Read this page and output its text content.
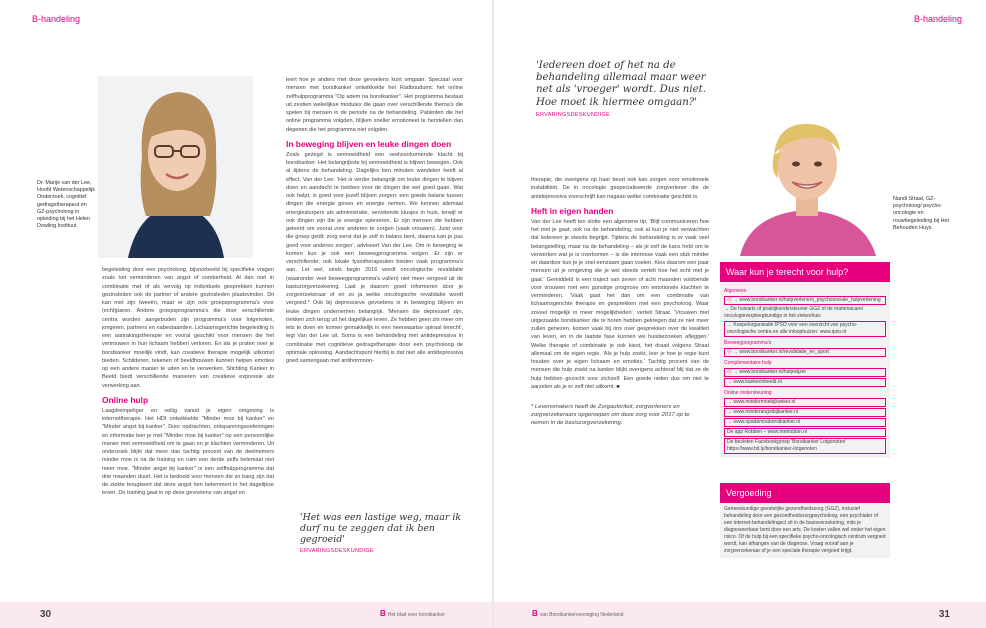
B-handeling
Dr. Marije van der Lee, Hoofd Wetenschappelijk Onderzoek, cognitief gedragstherapeut en GZ-psycholoog in opleiding bij het Helen Dowling Instituut

begeleiding door een psycholoog, bijvoorbeeld bij specifieke vragen zoals het verminderen van angst of somberheid. Al dan niet in combinatie met of als vervolg op individuele gesprekken kunnen gezinsleden ook de partner of andere gezinsleden plaatsvinden. Dit kan met zijn tweeën, maar er zijn ook groepsprogramma's voor (echt)paren. Andere groepsprogramma's die door verschillende centra worden aangeboden zijn programma's voor lotgenoten, jongeren, partners en nabestaanden. Lichaamsgerichte begeleiding is een aanrakingstherapie en vooral geschikt voor mensen die het vertrouwen in hun lichaam hebben verloren. En als je praten over je borstkanker moeilijk vindt, kan creatieve therapie mogelijk uitkomst bieden. Schilderen, tekenen of beeldhouwen kunnen helpen emoties op een andere manier te uiten en te verwerken. Stichting Kanker in Beeld biedt verschillende manieren van creatieve expressie als verwerking aan.

Online hulp

Laagdrempeliger en veilig vanuit je eigen omgeving is internettherapie. Het HDI ontwikkelde "Minder moe bij kanker" en "Minder angst bij kanker". Door opdrachten, ontspanningsoefeningen en informatie leer je met "Minder moe bij kanker" op een persoonlijke manier met vermoeidheid om te gaan en je klachten verminderen. Uit onderzoek blijkt dat meer dan tachtig procent van de deelnemers minder moe is na de training en ruim een derde zelfs helemaal niet meer moe. "Minder angst bij kanker" is een zelfhulpprogramma dat drie maanden duurt. Het is bedoeld voor mensen die zo bang zijn dat de ziekte terugkeert dat deze angst hen belemmert in het dagelijkse leven. De training gaat in op deze gevoelens van angst en

leert hoe je anders met deze gevoelens kunt omgaan. Speciaal voor mensen met borstkanker ontwikkelde het Radboudumc het online zelfhulpprogramma "Op adem na borstkanker". Het programma bestaat uit zestien wekelijkse modules die gaan over verschillende thema's die spelen bij mensen in de periode na de behandeling. Patiënten die het online programma volgden, blijken sneller emotioneel te herstellen dan degenen die het programma niet volgden.

In beweging blijven en leuke dingen doen

Zoals gezegd is vermoeidheid een veelvoorkomende klacht bij borstkanker. Het belangrijkste bij vermoeidheid is blijven bewegen. Ook al tijdens de behandeling. Dagelijks tien minuten wandelen heeft al effect. Van der Lee: 'Het is verder belangrijk om leuke dingen te blijven doen en aandacht te hebben voor de dingen die wel goed gaan. Wat ook helpt, is goed voor jezelf blijven zorgen: een goede balans tussen dingen die energie geven en energie nemen. We kennen allemaal energieslurpers als administratie, vervelende klusjes in huis, terwijl er ook dingen zijn die je energie opleveren. Er zijn mensen die hebben geleerd om vooral voor anderen te zorgen (vaak vrouwen). Juist voor die groep geldt: zorg eerst dat je zelf in balans bent, daarna kan je pas goed voor anderen zorgen', adviseert Van der Lee. Om in beweging te komen kun je ook een beweegprogramma volgen. Er zijn er verschillende; ook lokale fysiotherapeuten bieden vaak programma's aan. Let wel, sinds begin 2016 wordt oncologische revalidatie (waaronder veel beweegprogramma's vallen) niet meer vergoed uit de basiszorgverzekering. Laat je daarom goed informeren door je zorgverzekeraar of en zo ja welke oncologische revalidatie wordt vergoed.* Ook bij depressieve gevoelens is in beweging blijven en leuke dingen ondernemen belangrijk. 'Mensen die depressief zijn, trekken zich terug uit het dagelijkse leven. Ze hebben geen zin meer om iets te doen en komen gemakkelijk in een neerwaartse spiraal terecht', legt Van der Lee uit. Soms is een behandeling met antidepressiva in combinatie met cognitieve gedragstherapie door een psycholoog de optimale oplossing. Aandachtspunt hierbij is dat niet alle antidepressiva goed samengaan met antihormoon-

'Het was een lastige weg, maar ik durf nu te zeggen dat ik ben gegroeid'
ERVARINGSDESKUNDIGE
30	B Het blad over borstkanker
B-handeling
'Iedereen doet of het na de behandeling allemaal maar weer net als 'vroeger' wordt. Dus niet. Hoe moet ik hiermee omgaan?'
ERVARINGSDESKUNDIGE

therapie, die overigens op haar beurt ook kan zorgen voor emotionele instabiliteit. De in oncologie gespecialiseerde zorgverlener die de antidepressiva voorschrijft kan nagaan welke combinatie geschikt is.

Heft in eigen handen

Van der Lee heeft ten slotte een algemene tip: 'Blijf communiceren hoe het met je gaat, ook na de behandeling, ook al kun je niet verwachten dat iedereen je steeds begrijpt. Tijdens de behandeling is er vaak veel belangstelling, maar na de behandeling – als je zelf de kans hebt om te verwerken wat je is overkomen – is die interesse vaak een stuk minder en daardoor kun je je snel eenzaam gaan voelen. Kies daarom een paar mensen uit je omgeving die je wel steeds vertelt hoe het echt met je gaat.' Gemiddeld is een traject van zeven of acht maanden voldoende voor vrouwen met een gunstige prognose om emotionele klachten te verminderen. 'Vaak gaat het dan om een combinatie van lichaamsgerichte therapie en gesprekken met een psycholoog. Waar zoveel mogelijk in meer mogelijkheden', vertelt Straat. 'Vrouwen met uitgezaaide borstkanker die te horen hebben gekregen dat ze niet meer zullen genezen, komen vaak bij ons over gesprekken over de kwaliteit van leven, en in de laatste fase kunnen we huisbezoeken afleggen.' Welke therapie of combinatie je ook kiest, het draait volgens Straat allemaal om de eigen regie. 'Als je hulp zoekt, leer je hoe je regie kunt houden over je eigen lichaam en emoties.' Tachtig procent van de mensen die hulp zoekt na kanker blijkt overigens achteraf blij dat ze de hulp hebben gezocht voor zichzelf. Een goede reden dus om niet te aarzelen als je er zelf niet uitkomt. ■

* Levensmakers heeft de Zorgautoriteit, zorgverleners en zorgverzekeraars opgeroepen om deze zorg voor 2017 op te nemen in de basiszorgverzekering.

Nandi Straat, GZ-psycholoog/ psycho-oncologie en rouwbegeleiding bij Het Behouden Huys.
Waar kun je terecht voor hulp?
Algemeen
ⓑ→ www.borstkanker.nl/hulpverleners_psychosociale_hulpverlening
→ De huisarts of praktijkondersteuner GGZ of de mammacare/ oncologieverpleegkundige in het ziekenhuis
→ Koepelorganisatie IPSO voor een overzicht van psycho-oncologische centra en alle inloophuizen: www.ipso.nl
Beweegprogramma's
ⓑ→ www.borstkanker.nl/revalidatie_en_sport
Complementaire hulp
ⓑ→ www.borstkanker.nl/hulpwijzer
→ www.kankerinbeeld.nl
Online ondersteuning
→ www.mindermoebijkanker.nl
→ www.minderangstbijkanker.nl
→ www.opademnaborstkanker.nl
De app Robben – www.metrobbin.nl
De besloten Facebookgroep 'Borstkanker Lotgenoten' https://www.bit.ly/borstkanker-lotgenoten
Vergoeding
Geneeskundige geestelijke gezondheidszorg (GGZ), inclusief behandeling door een gezondheidszorgpsycholoog, een psychiater of een internet-behandeltraject zit in de basisverzekering, mits je diagnoseerbaar bent door een arts. De kosten vallen wel onder het eigen risico. Of de hulp bij een specifieke psycho-oncologisch centrum vergoed wordt, kan afhangen van de diagnose. Vraag vooraf aan je zorgverzekeraar of je een speciale therapie vergoed krijgt.
31
Bvan Borstkankervereniging Nederland
